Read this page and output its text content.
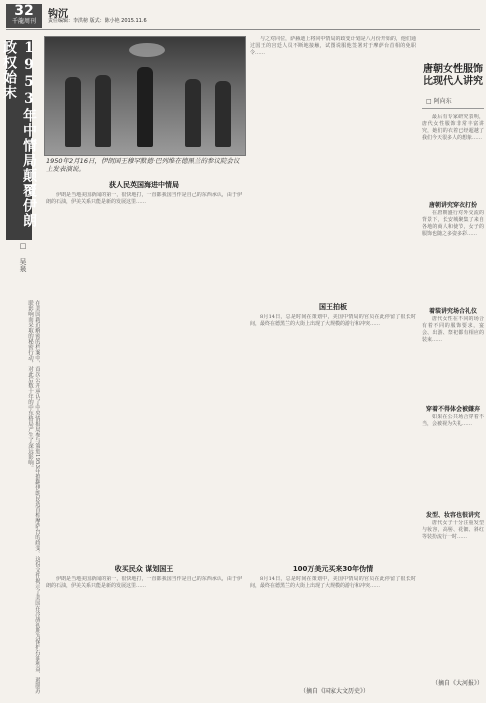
32
千龍周刊
钩沉
责任编辑：李洪榜 版式：陈小艳 2015.11.6
1953年中情局颠覆伊朗政权始末
□ 吴泉
在美国新近解密的档案中，首次公开承认了中央情报局参与策划1953年推翻伊朗民选首相摩萨台的政变。这份文件揭示了美国在冷战初期为保护石油利益、遏制苏联影响而采取的秘密行动，对此后数十年的中东格局产生了深远影响。
1950年2月16日，伊朗国王穆罕默德·巴列维在德黑兰的参议院会议上发表演说。
获人民英国海进中情局
收买民众 谋划国王
国王拍板
100万美元买来30年伪情

伊朗是当地美国新闻的第一，很快地打，一直都我国当作是自己的东西承认，由于伊朗的石油，伊美关系只能是新的发展这里……

伊朗是当地美国新闻的第一，很快地打，一直都我国当作是自己的东西承认，由于伊朗的石油，伊美关系只能是新的发展这里……

与之对同位，萨赫迪上将同中情局的政变计划是八月份开始的，他们通过国王的宫廷人员不断地接触，试图说服他签署对于摩萨台首相的免职令……

8月14日，总是时间在策划中，美国中情局的官员在此停留了很长时间，最终在德黑兰的大街上出现了大规模的游行和冲突……

8月14日，总是时间在策划中，美国中情局的官员在此停留了很长时间，最终在德黑兰的大街上出现了大规模的游行和冲突……

（摘自《国家大文历史》）
唐朝女性服饰比现代人讲究
□ 阿向东

最后有专家研究表明，唐代女性服饰非常丰富讲究，她们的衣着已经超越了我们今天很多人的想象……

唐朝讲究穿衣打扮

在唐朝盛行对外交流的背景下，长安城聚集了来自各地的商人和使节，女子的服饰也随之多姿多彩……

着装讲究场合礼仪

唐代女性在不同的场合有着不同的服饰要求，宴会、出游、祭祀都有相应的装束……

穿着不得体会被嫌弃

如果在公共场合穿着不当，会被视为失礼……

发型、妆容也很讲究

唐代女子十分注重发型与妆容，高髻、花钿、斜红等装扮流行一时……

（摘自《大河报》）
